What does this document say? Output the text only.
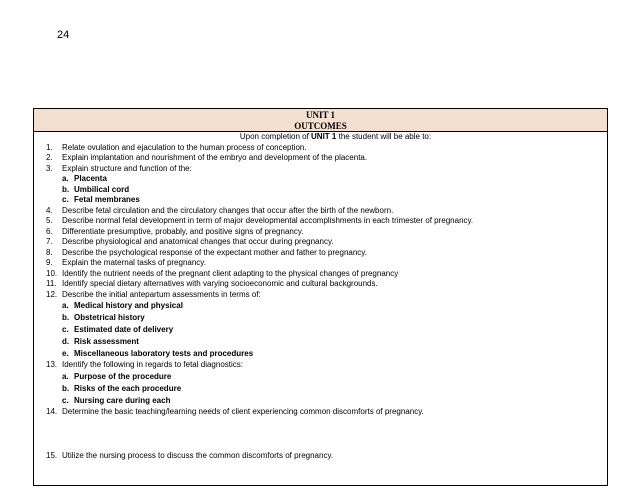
24
UNIT 1
OUTCOMES
Upon completion of UNIT 1 the student will be able to:
1. Relate ovulation and ejaculation to the human process of conception.
2. Explain implantation and nourishment of the embryo and development of the placenta.
3. Explain structure and function of the:
a. Placenta
b. Umbilical cord
c. Fetal membranes
4. Describe fetal circulation and the circulatory changes that occur after the birth of the newborn.
5. Describe normal fetal development in term of major developmental accomplishments in each trimester of pregnancy.
6. Differentiate presumptive, probably, and positive signs of pregnancy.
7. Describe physiological and anatomical changes that occur during pregnancy.
8. Describe the psychological response of the expectant mother and father to pregnancy.
9. Explain the maternal tasks of pregnancy.
10. Identify the nutrient needs of the pregnant client adapting to the physical changes of pregnancy
11. Identify special dietary alternatives with varying socioeconomic and cultural backgrounds.
12. Describe the initial antepartum assessments in terms of:
a. Medical history and physical
b. Obstetrical history
c. Estimated date of delivery
d. Risk assessment
e. Miscellaneous laboratory tests and procedures
13. Identify the following in regards to fetal diagnostics:
a. Purpose of the procedure
b. Risks of the each procedure
c. Nursing care during each
14. Determine the basic teaching/learning needs of client experiencing common discomforts of pregnancy.
15. Utilize the nursing process to discuss the common discomforts of pregnancy.
